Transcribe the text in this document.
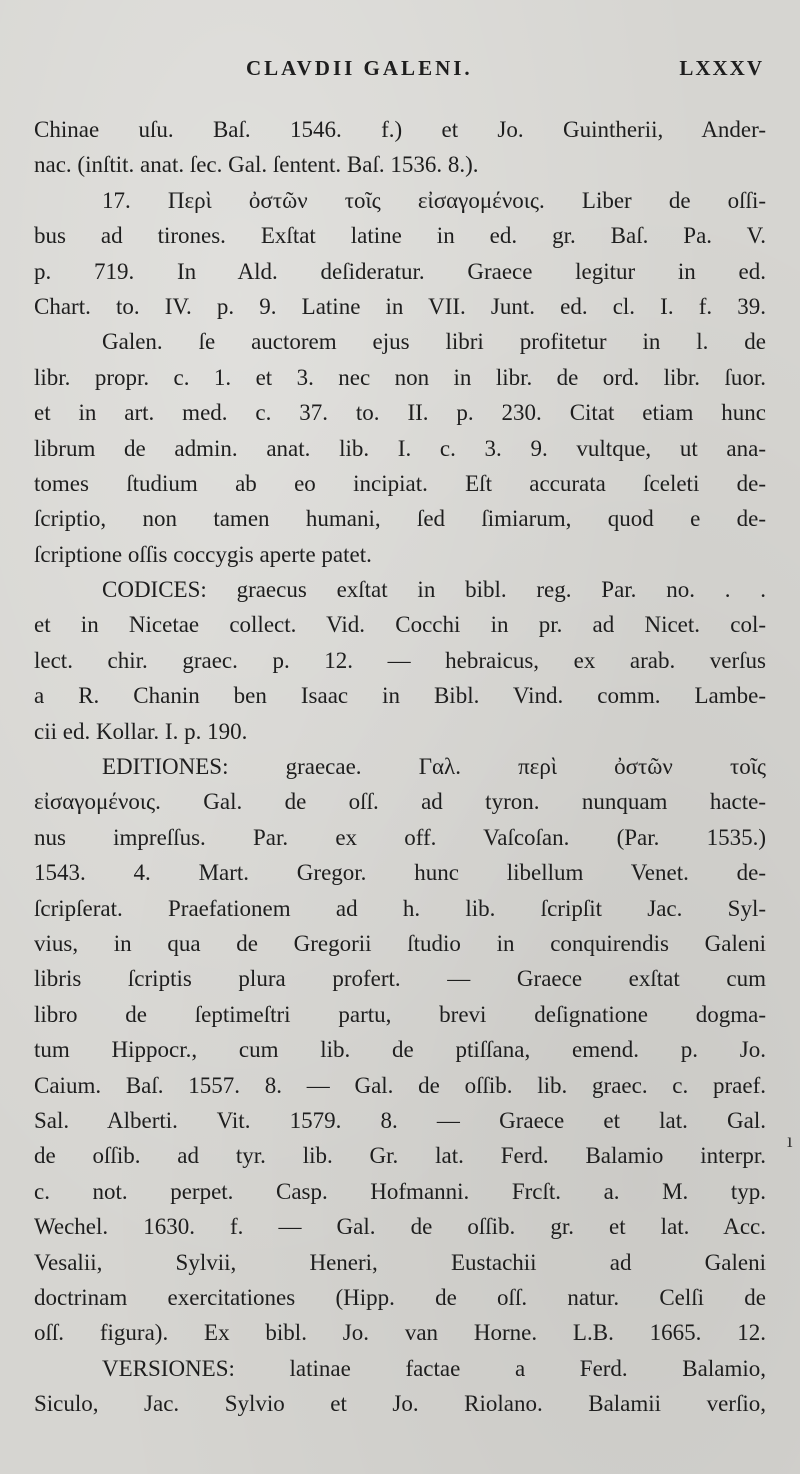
CLAVDII GALENI.	LXXXV
Chinae uſu. Baſ. 1546. f.) et Jo. Guintherii, Ander-
nac. (inſtit. anat. ſec. Gal. ſentent. Baſ. 1536. 8.).
17. Περὶ ὀστῶν τοῖς εἰσαγομένοις. Liber de oſſi-
bus ad tirones. Exſtat latine in ed. gr. Baſ. Pa. V.
p. 719. In Ald. deſideratur. Graece legitur in ed.
Chart. to. IV. p. 9. Latine in VII. Junt. ed. cl. I. f. 39.
Galen. ſe auctorem ejus libri profitetur in l. de
libr. propr. c. 1. et 3. nec non in libr. de ord. libr. ſuor.
et in art. med. c. 37. to. II. p. 230. Citat etiam hunc
librum de admin. anat. lib. I. c. 3. 9. vultque, ut ana-
tomes ſtudium ab eo incipiat. Eſt accurata ſceleti de-
ſcriptio, non tamen humani, ſed ſimiarum, quod e de-
ſcriptione oſſis coccygis aperte patet.
CODICES: graecus exſtat in bibl. reg. Par. no. . .
et in Nicetae collect. Vid. Cocchi in pr. ad Nicet. col-
lect. chir. graec. p. 12. — hebraicus, ex arab. verſus
a R. Chanin ben Isaac in Bibl. Vind. comm. Lambe-
cii ed. Kollar. I. p. 190.
EDITIONES: graecae. Γαλ. περὶ ὀστῶν τοῖς
εἰσαγομένοις. Gal. de oſſ. ad tyron. nunquam hacte-
nus impreſſus. Par. ex off. Vaſcoſan. (Par. 1535.)
1543. 4. Mart. Gregor. hunc libellum Venet. de-
ſcripſerat. Praefationem ad h. lib. ſcripſit Jac. Syl-
vius, in qua de Gregorii ſtudio in conquirendis Galeni
libris ſcriptis plura profert. — Graece exſtat cum
libro de ſeptimeſtri partu, brevi deſignatione dogma-
tum Hippocr., cum lib. de ptiſſana, emend. p. Jo.
Caium. Baſ. 1557. 8. — Gal. de oſſib. lib. graec. c. praef.
Sal. Alberti. Vit. 1579. 8. — Graece et lat. Gal.
de oſſib. ad tyr. lib. Gr. lat. Ferd. Balamio interpr.
c. not. perpet. Casp. Hofmanni. Frcſt. a. M. typ.
Wechel. 1630. f. — Gal. de oſſib. gr. et lat. Acc.
Vesalii, Sylvii, Heneri, Eustachii ad Galeni
doctrinam exercitationes (Hipp. de oſſ. natur. Celſi de
oſſ. figura). Ex bibl. Jo. van Horne. L.B. 1665. 12.
VERSIONES: latinae factae a Ferd. Balamio,
Siculo, Jac. Sylvio et Jo. Riolano. Balamii verſio,
ı
